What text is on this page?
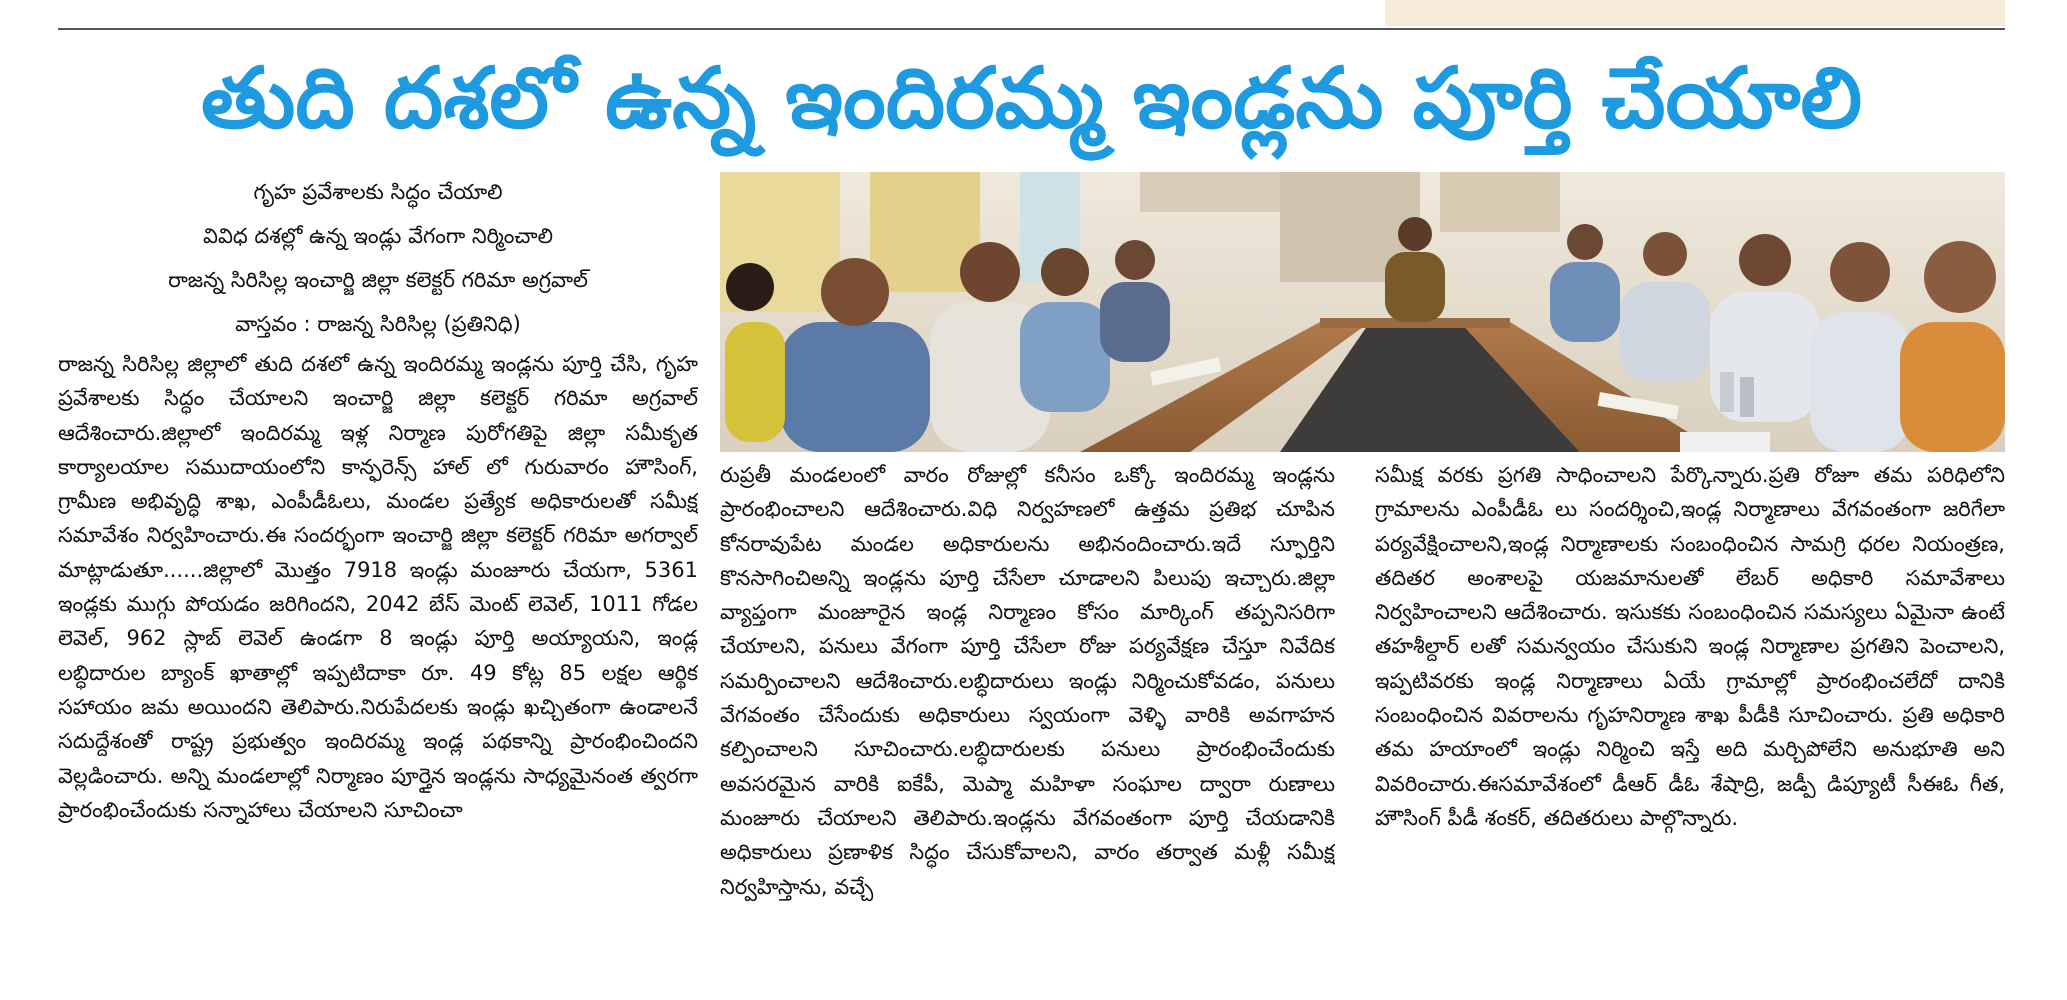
తుది దశలో ఉన్న ఇందిరమ్మ ఇండ్లను పూర్తి చేయాలి
గృహ ప్రవేశాలకు సిద్ధం చేయాలి
వివిధ దశల్లో ఉన్న ఇండ్లు వేగంగా నిర్మించాలి
రాజన్న సిరిసిల్ల ఇంచార్జి జిల్లా కలెక్టర్ గరిమా అగ్రవాల్
వాస్తవం : రాజన్న సిరిసిల్ల (ప్రతినిధి)
రాజన్న సిరిసిల్ల జిల్లాలో తుది దశలో ఉన్న ఇందిరమ్మ ఇండ్లను పూర్తి చేసి, గృహ ప్రవేశాలకు సిద్ధం చేయాలని ఇంచార్జి జిల్లా కలెక్టర్ గరిమా అగ్రవాల్ ఆదేశించారు.జిల్లాలో ఇందిరమ్మ ఇళ్ల నిర్మాణ పురోగతిపై జిల్లా సమీకృత కార్యాలయాల సముదాయంలోని కాన్ఫరెన్స్ హాల్ లో గురువారం హౌసింగ్, గ్రామీణ అభివృద్ధి శాఖ, ఎంపీడీఓలు, మండల ప్రత్యేక అధికారులతో సమీక్ష సమావేశం నిర్వహించారు.ఈ సందర్భంగా ఇంచార్జి జిల్లా కలెక్టర్ గరిమా అగర్వాల్ మాట్లాడుతూ......జిల్లాలో మొత్తం 7918 ఇండ్లు మంజూరు చేయగా, 5361 ఇండ్లకు ముగ్గు పోయడం జరిగిందని, 2042 బేస్ మెంట్ లెవెల్, 1011 గోడల లెవెల్, 962 స్లాబ్ లెవెల్ ఉండగా 8 ఇండ్లు పూర్తి అయ్యాయని, ఇండ్ల లబ్ధిదారుల బ్యాంక్ ఖాతాల్లో ఇప్పటిదాకా రూ. 49 కోట్ల 85 లక్షల ఆర్థిక సహాయం జమ అయిందని తెలిపారు.నిరుపేదలకు ఇండ్లు ఖచ్చితంగా ఉండాలనే సదుద్దేశంతో రాష్ట్ర ప్రభుత్వం ఇందిరమ్మ ఇండ్ల పథకాన్ని ప్రారంభించిందని వెల్లడించారు. అన్ని మండలాల్లో నిర్మాణం పూర్తైన ఇండ్లను సాధ్యమైనంత త్వరగా ప్రారంభించేందుకు సన్నాహాలు చేయాలని సూచించా
రుప్రతీ మండలంలో వారం రోజుల్లో కనీసం ఒక్కో ఇందిరమ్మ ఇండ్లను ప్రారంభించాలని ఆదేశించారు.విధి నిర్వహణలో ఉత్తమ ప్రతిభ చూపిన కోనరావుపేట మండల అధికారులను అభినందించారు.ఇదే స్ఫూర్తిని కొనసాగించిఅన్ని ఇండ్లను పూర్తి చేసేలా చూడాలని పిలుపు ఇచ్చారు.జిల్లా వ్యాప్తంగా మంజూరైన ఇండ్ల నిర్మాణం కోసం మార్కింగ్ తప్పనిసరిగా చేయాలని, పనులు వేగంగా పూర్తి చేసేలా రోజు పర్యవేక్షణ చేస్తూ నివేదిక సమర్పించాలని ఆదేశించారు.లబ్ధిదారులు ఇండ్లు నిర్మించుకోవడం, పనులు వేగవంతం చేసేందుకు అధికారులు స్వయంగా వెళ్ళి వారికి అవగాహన కల్పించాలని సూచించారు.లబ్ధిదారులకు పనులు ప్రారంభించేందుకు అవసరమైన వారికి ఐకేపీ, మెప్మా మహిళా సంఘాల ద్వారా రుణాలు మంజూరు చేయాలని తెలిపారు.ఇండ్లను వేగవంతంగా పూర్తి చేయడానికి అధికారులు ప్రణాళిక సిద్ధం చేసుకోవాలని, వారం తర్వాత మళ్లీ సమీక్ష నిర్వహిస్తాను, వచ్చే
సమీక్ష వరకు ప్రగతి సాధించాలని పేర్కొన్నారు.ప్రతి రోజూ తమ పరిధిలోని గ్రామాలను ఎంపీడీఓ లు సందర్శించి,ఇండ్ల నిర్మాణాలు వేగవంతంగా జరిగేలా పర్యవేక్షించాలని,ఇండ్ల నిర్మాణాలకు సంబంధించిన సామగ్రి ధరల నియంత్రణ, తదితర అంశాలపై యజమానులతో లేబర్ అధికారి సమావేశాలు నిర్వహించాలని ఆదేశించారు. ఇసుకకు సంబంధించిన సమస్యలు ఏమైనా ఉంటే తహశీల్దార్ లతో సమన్వయం చేసుకుని ఇండ్ల నిర్మాణాల ప్రగతిని పెంచాలని, ఇప్పటివరకు ఇండ్ల నిర్మాణాలు ఏయే గ్రామాల్లో ప్రారంభించలేదో దానికి సంబంధించిన వివరాలను గృహనిర్మాణ శాఖ పీడీకి సూచించారు. ప్రతి అధికారి తమ హయాంలో ఇండ్లు నిర్మించి ఇస్తే అది మర్చిపోలేని అనుభూతి అని వివరించారు.ఈసమావేశంలో డీఆర్ డీఓ శేషాద్రి, జడ్పీ డిప్యూటీ సీఈఓ గీత, హౌసింగ్ పీడీ శంకర్, తదితరులు పాల్గొన్నారు.
